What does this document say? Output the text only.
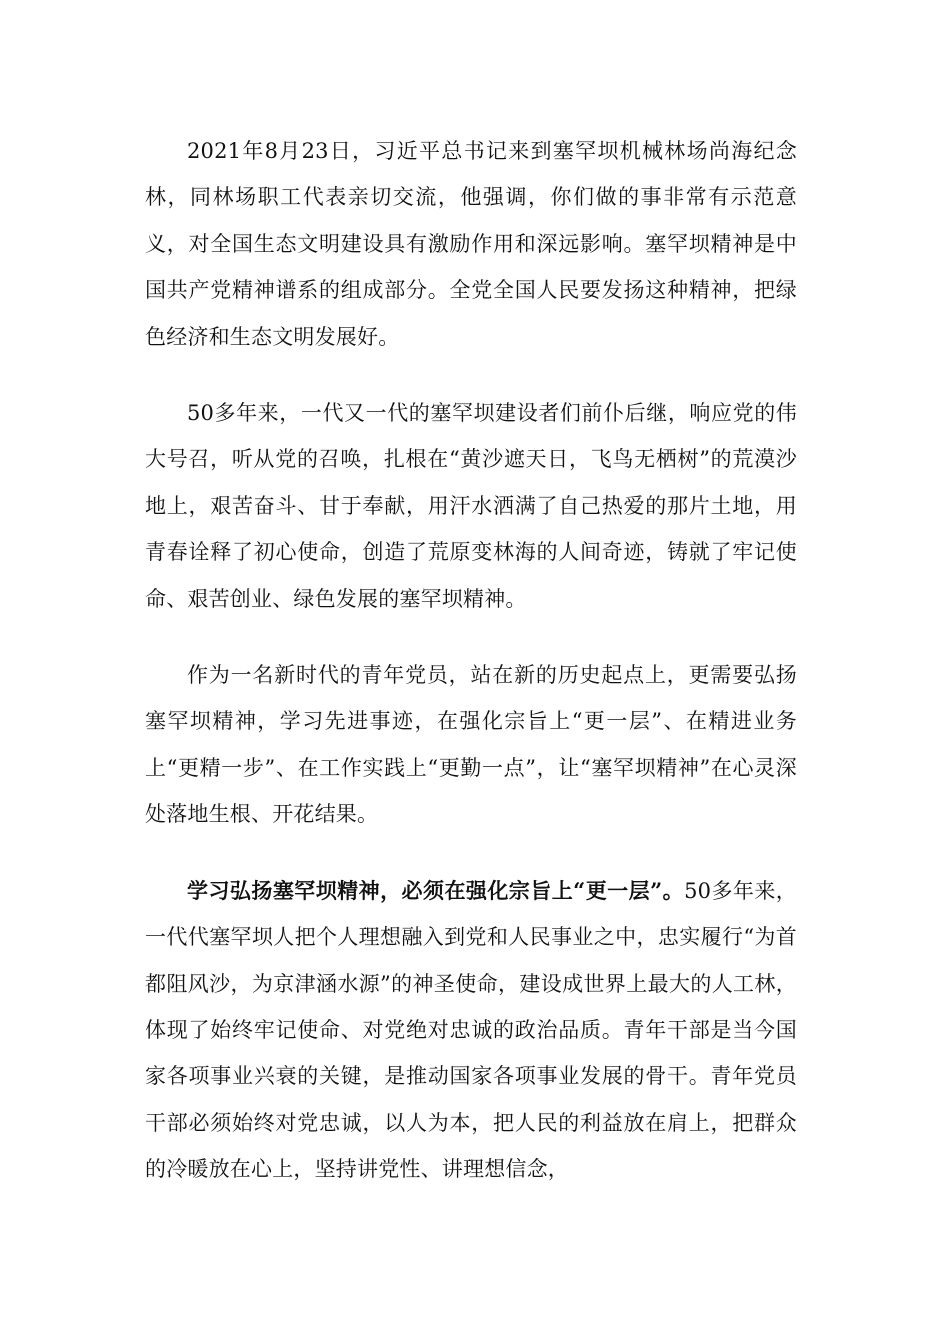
2021年8月23日，习近平总书记来到塞罕坝机械林场尚海纪念林，同林场职工代表亲切交流，他强调，你们做的事非常有示范意义，对全国生态文明建设具有激励作用和深远影响。塞罕坝精神是中国共产党精神谱系的组成部分。全党全国人民要发扬这种精神，把绿色经济和生态文明发展好。

50多年来，一代又一代的塞罕坝建设者们前仆后继，响应党的伟大号召，听从党的召唤，扎根在“黄沙遮天日，飞鸟无栖树”的荒漠沙地上，艰苦奋斗、甘于奉献，用汗水洒满了自己热爱的那片土地，用青春诠释了初心使命，创造了荒原变林海的人间奇迹，铸就了牢记使命、艰苦创业、绿色发展的塞罕坝精神。

作为一名新时代的青年党员，站在新的历史起点上，更需要弘扬塞罕坝精神，学习先进事迹，在强化宗旨上“更一层”、在精进业务上“更精一步”、在工作实践上“更勤一点”，让“塞罕坝精神”在心灵深处落地生根、开花结果。

学习弘扬塞罕坝精神，必须在强化宗旨上“更一层”。50多年来，一代代塞罕坝人把个人理想融入到党和人民事业之中，忠实履行“为首都阻风沙，为京津涵水源”的神圣使命，建设成世界上最大的人工林，体现了始终牢记使命、对党绝对忠诚的政治品质。青年干部是当今国家各项事业兴衰的关键，是推动国家各项事业发展的骨干。青年党员干部必须始终对党忠诚，以人为本，把人民的利益放在肩上，把群众的冷暖放在心上，坚持讲党性、讲理想信念，
